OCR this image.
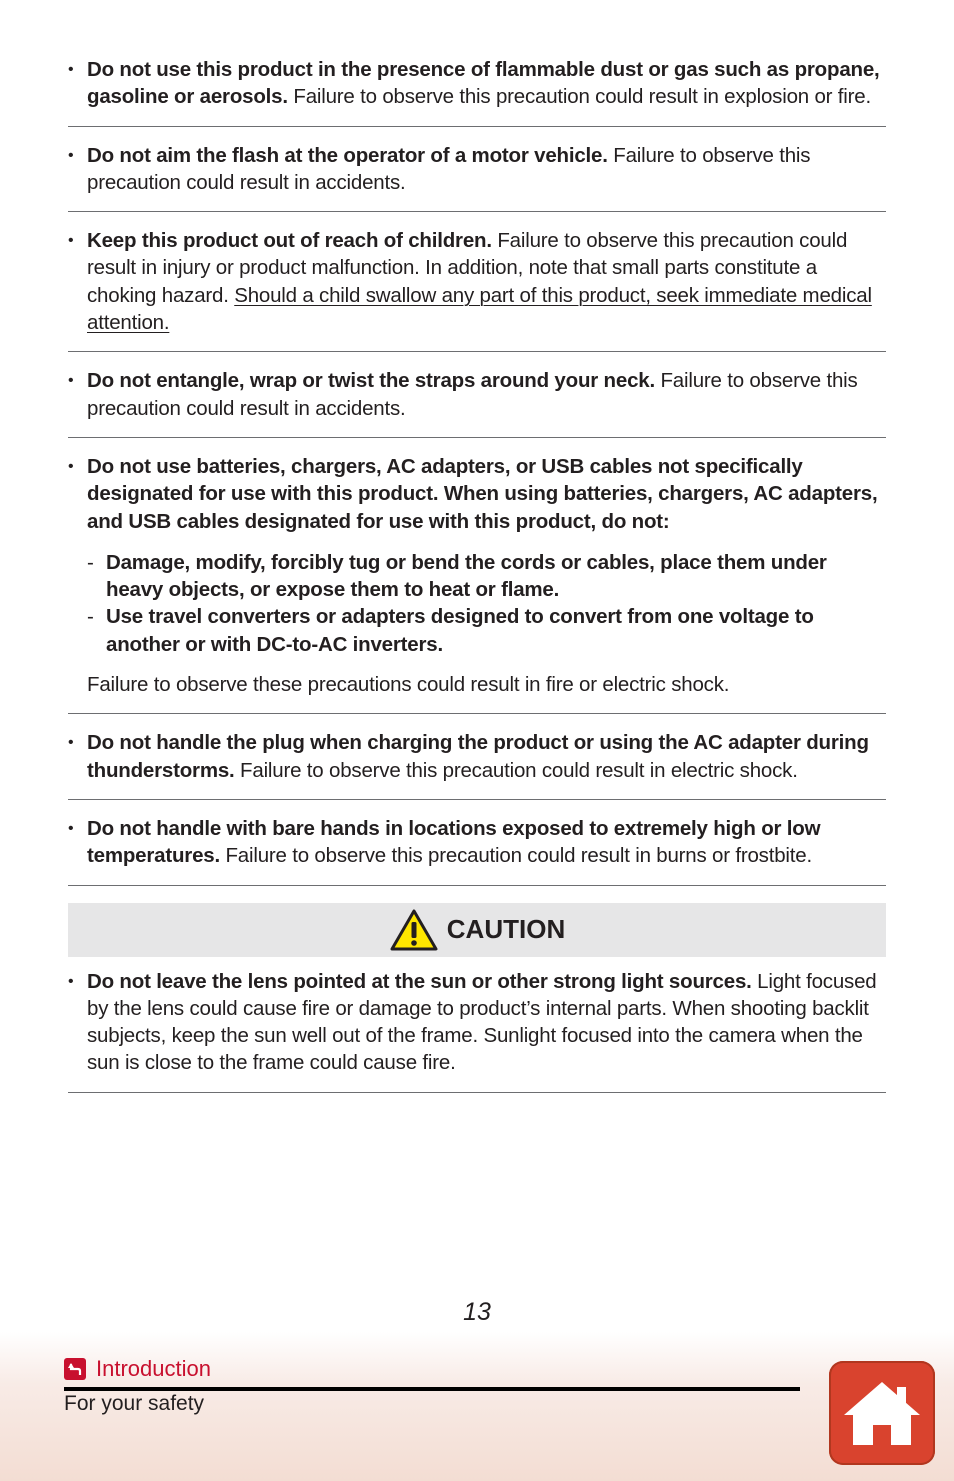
• Do not use this product in the presence of flammable dust or gas such as propane, gasoline or aerosols. Failure to observe this precaution could result in explosion or fire.
• Do not aim the flash at the operator of a motor vehicle. Failure to observe this precaution could result in accidents.
• Keep this product out of reach of children. Failure to observe this precaution could result in injury or product malfunction. In addition, note that small parts constitute a choking hazard. Should a child swallow any part of this product, seek immediate medical attention.
• Do not entangle, wrap or twist the straps around your neck. Failure to observe this precaution could result in accidents.
• Do not use batteries, chargers, AC adapters, or USB cables not specifically designated for use with this product. When using batteries, chargers, AC adapters, and USB cables designated for use with this product, do not:
- Damage, modify, forcibly tug or bend the cords or cables, place them under heavy objects, or expose them to heat or flame.
- Use travel converters or adapters designed to convert from one voltage to another or with DC-to-AC inverters.
Failure to observe these precautions could result in fire or electric shock.
• Do not handle the plug when charging the product or using the AC adapter during thunderstorms. Failure to observe this precaution could result in electric shock.
• Do not handle with bare hands in locations exposed to extremely high or low temperatures. Failure to observe this precaution could result in burns or frostbite.
CAUTION
• Do not leave the lens pointed at the sun or other strong light sources. Light focused by the lens could cause fire or damage to product’s internal parts. When shooting backlit subjects, keep the sun well out of the frame. Sunlight focused into the camera when the sun is close to the frame could cause fire.
13
Introduction
For your safety
